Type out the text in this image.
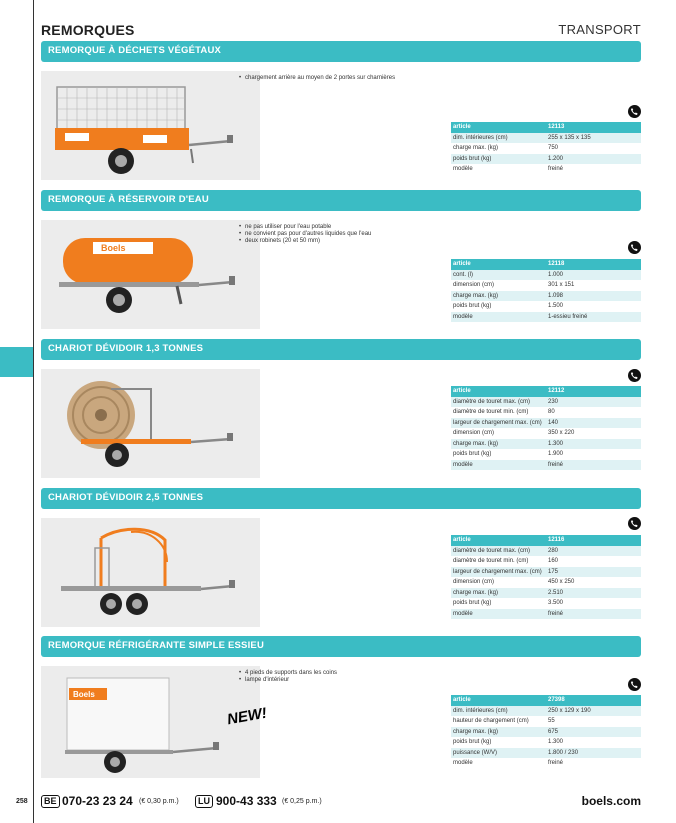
REMORQUES	TRANSPORT
REMORQUE À DÉCHETS VÉGÉTAUX
• chargement arrière au moyen de 2 portes sur charnières
article	12113
dim. intérieures (cm)	255 x 135 x 135
charge max. (kg)	750
poids brut (kg)	1.200
modèle	freiné
REMORQUE À RÉSERVOIR D'EAU
Boels
• ne pas utiliser pour l'eau potable
• ne convient pas pour d'autres liquides que l'eau
• deux robinets (20 et 50 mm)
article	12118
cont. (l)	1.000
dimension (cm)	301 x 151
charge max. (kg)	1.098
poids brut (kg)	1.500
modèle	1-essieu freiné
CHARIOT DÉVIDOIR 1,3 TONNES
article	12112
diamètre de touret max. (cm)	230
diamètre de touret min. (cm)	80
largeur de chargement max. (cm)	140
dimension (cm)	350 x 220
charge max. (kg)	1.300
poids brut (kg)	1.900
modèle	freiné
CHARIOT DÉVIDOIR 2,5 TONNES
article	12116
diamètre de touret max. (cm)	280
diamètre de touret min. (cm)	160
largeur de chargement max. (cm)	175
dimension (cm)	450 x 250
charge max. (kg)	2.510
poids brut (kg)	3.500
modèle	freiné
REMORQUE RÉFRIGÉRANTE SIMPLE ESSIEU
Boels
NEW!
• 4 pieds de supports dans les coins
• lampe d'intérieur
article	27398
dim. intérieures (cm)	250 x 129 x 190
hauteur de chargement (cm)	55
charge max. (kg)	675
poids brut (kg)	1.300
puissance (W/V)	1.800 / 230
modèle	freiné
258	BE 070-23 23 24 (€ 0,30 p.m.)	LU 900-43 333 (€ 0,25 p.m.)	boels.com
